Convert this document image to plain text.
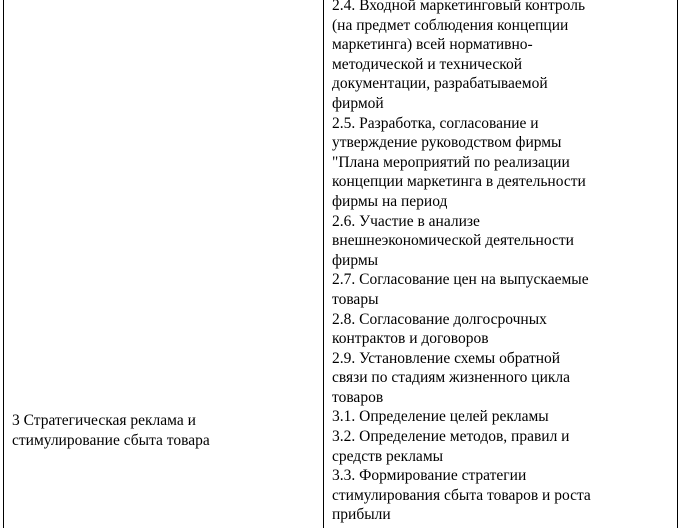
3 Стратегическая реклама и
стимулирование сбыта товара
2.4. Входной маркетинговый контроль
(на предмет соблюдения концепции
маркетинга) всей нормативно-
методической и технической
документации, разрабатываемой
фирмой
2.5. Разработка, согласование и
утверждение руководством фирмы
"Плана мероприятий по реализации
концепции маркетинга в деятельности
фирмы на период
2.6. Участие в анализе
внешнеэкономической деятельности
фирмы
2.7. Согласование цен на выпускаемые
товары
2.8. Согласование долгосрочных
контрактов и договоров
2.9. Установление схемы обратной
связи по стадиям жизненного цикла
товаров
3.1. Определение целей рекламы
3.2. Определение методов, правил и
средств рекламы
3.3. Формирование стратегии
стимулирования сбыта товаров и роста
прибыли
